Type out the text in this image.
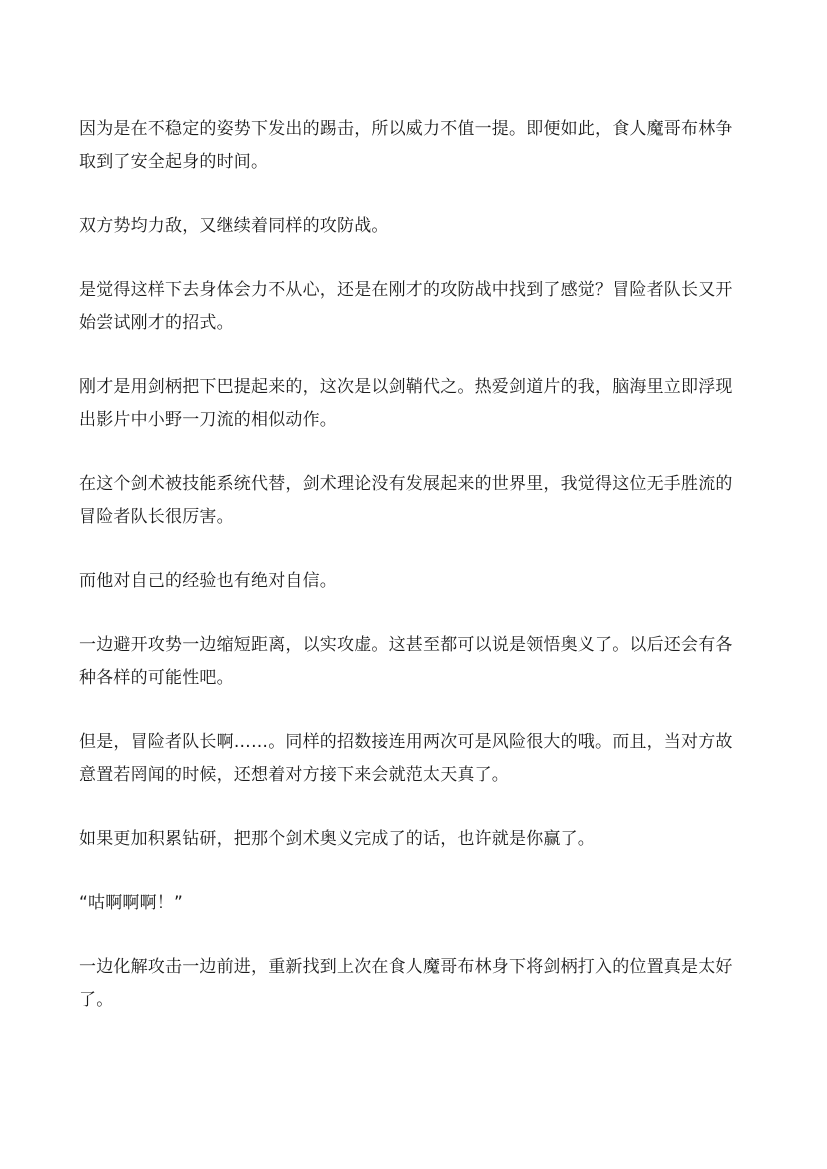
因为是在不稳定的姿势下发出的踢击，所以威力不值一提。即便如此，食人魔哥布林争取到了安全起身的时间。

双方势均力敌，又继续着同样的攻防战。

是觉得这样下去身体会力不从心，还是在刚才的攻防战中找到了感觉？冒险者队长又开始尝试刚才的招式。

刚才是用剑柄把下巴提起来的，这次是以剑鞘代之。热爱剑道片的我，脑海里立即浮现出影片中小野一刀流的相似动作。

在这个剑术被技能系统代替，剑术理论没有发展起来的世界里，我觉得这位无手胜流的冒险者队长很厉害。

而他对自己的经验也有绝对自信。

一边避开攻势一边缩短距离，以实攻虚。这甚至都可以说是领悟奥义了。以后还会有各种各样的可能性吧。

但是，冒险者队长啊……。同样的招数接连用两次可是风险很大的哦。而且，当对方故意置若罔闻的时候，还想着对方接下来会就范太天真了。

如果更加积累钻研，把那个剑术奥义完成了的话，也许就是你赢了。

“咕啊啊啊！”

一边化解攻击一边前进，重新找到上次在食人魔哥布林身下将剑柄打入的位置真是太好了。
